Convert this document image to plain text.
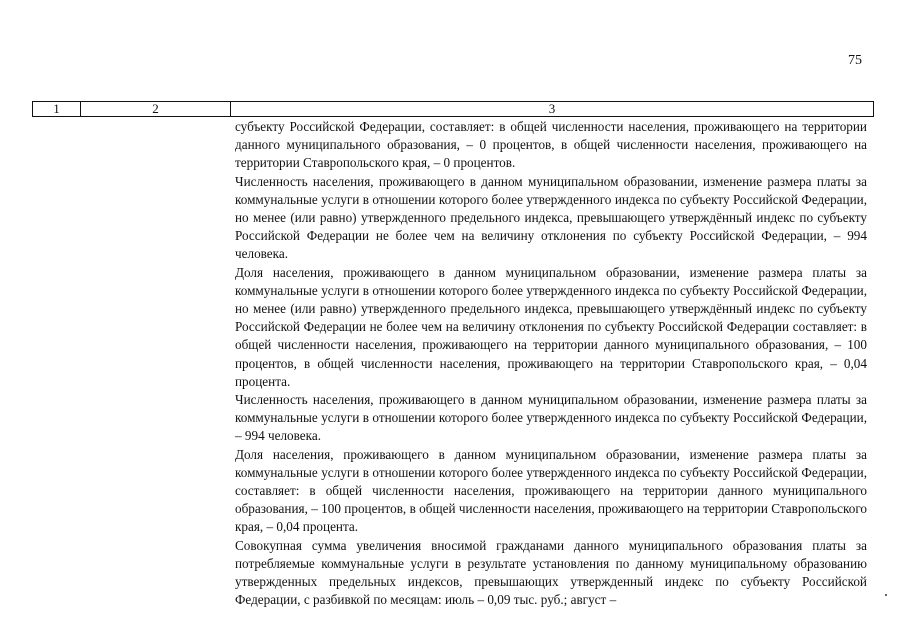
75
1	2	3

субъекту Российской Федерации, составляет: в общей численности населения, проживающего на территории данного муниципального образования, – 0 процентов, в общей численности населения, проживающего на территории Ставропольского края, – 0 процентов.

Численность населения, проживающего в данном муниципальном образовании, изменение размера платы за коммунальные услуги в отношении которого более утвержденного индекса по субъекту Российской Федерации, но менее (или равно) утвержденного предельного индекса, превышающего утверждённый индекс по субъекту Российской Федерации не более чем на величину отклонения по субъекту Российской Федерации, – 994 человека.

Доля населения, проживающего в данном муниципальном образовании, изменение размера платы за коммунальные услуги в отношении которого более утвержденного индекса по субъекту Российской Федерации, но менее (или равно) утвержденного предельного индекса, превышающего утверждённый индекс по субъекту Российской Федерации не более чем на величину отклонения по субъекту Российской Федерации составляет: в общей численности населения, проживающего на территории данного муниципального образования, – 100 процентов, в общей численности населения, проживающего на территории Ставропольского края, – 0,04 процента.

Численность населения, проживающего в данном муниципальном образовании, изменение размера платы за коммунальные услуги в отношении которого более утвержденного индекса по субъекту Российской Федерации, – 994 человека.

Доля населения, проживающего в данном муниципальном образовании, изменение размера платы за коммунальные услуги в отношении которого более утвержденного индекса по субъекту Российской Федерации, составляет: в общей численности населения, проживающего на территории данного муниципального образования, – 100 процентов, в общей численности населения, проживающего на территории Ставропольского края, – 0,04 процента.

Совокупная сумма увеличения вносимой гражданами данного муниципального образования платы за потребляемые коммунальные услуги в результате установления по данному муниципальному образованию утвержденных предельных индексов, превышающих утвержденный индекс по субъекту Российской Федерации, с разбивкой по месяцам: июль – 0,09 тыс. руб.; август –
